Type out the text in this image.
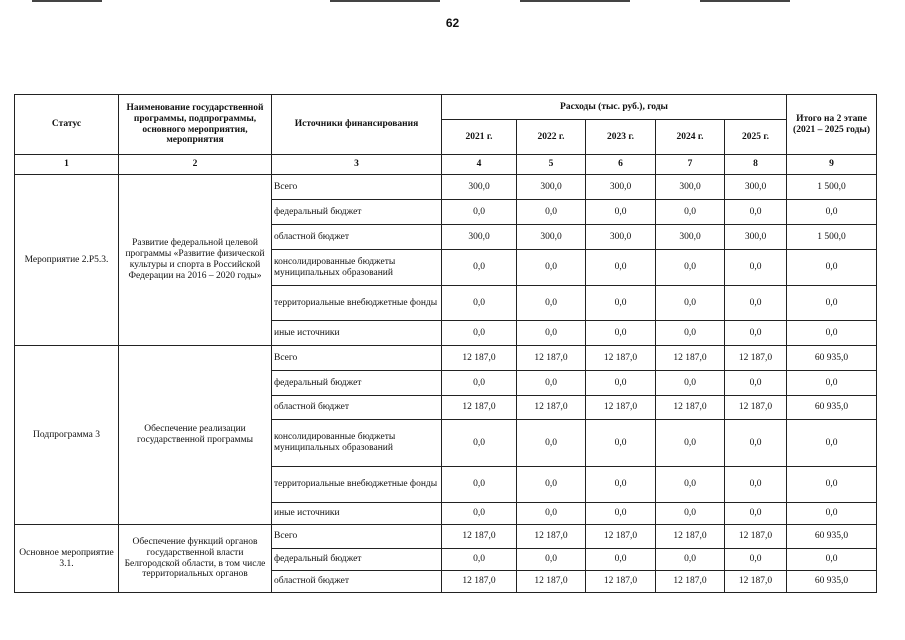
62
Статус	Наименование государственной программы, подпрограммы, основного мероприятия, мероприятия	Источники финансирования	Расходы (тыс. руб.), годы					Итого на 2 этапе (2021 – 2025 годы)
			2021 г.	2022 г.	2023 г.	2024 г.	2025 г.	
1	2	3	4	5	6	7	8	9
Мероприятие 2.Р5.3.	Развитие федеральной целевой программы «Развитие физической культуры и спорта в Российской Федерации на 2016 – 2020 годы»	Всего	300,0	300,0	300,0	300,0	300,0	1 500,0
		федеральный бюджет	0,0	0,0	0,0	0,0	0,0	0,0
		областной бюджет	300,0	300,0	300,0	300,0	300,0	1 500,0
		консолидированные бюджеты муниципальных образований	0,0	0,0	0,0	0,0	0,0	0,0
		территориальные внебюджетные фонды	0,0	0,0	0,0	0,0	0,0	0,0
		иные источники	0,0	0,0	0,0	0,0	0,0	0,0
Подпрограмма 3	Обеспечение реализации государственной программы	Всего	12 187,0	12 187,0	12 187,0	12 187,0	12 187,0	60 935,0
		федеральный бюджет	0,0	0,0	0,0	0,0	0,0	0,0
		областной бюджет	12 187,0	12 187,0	12 187,0	12 187,0	12 187,0	60 935,0
		консолидированные бюджеты муниципальных образований	0,0	0,0	0,0	0,0	0,0	0,0
		территориальные внебюджетные фонды	0,0	0,0	0,0	0,0	0,0	0,0
		иные источники	0,0	0,0	0,0	0,0	0,0	0,0
Основное мероприятие 3.1.	Обеспечение функций органов государственной власти Белгородской области, в том числе территориальных органов	Всего	12 187,0	12 187,0	12 187,0	12 187,0	12 187,0	60 935,0
		федеральный бюджет	0,0	0,0	0,0	0,0	0,0	0,0
		областной бюджет	12 187,0	12 187,0	12 187,0	12 187,0	12 187,0	60 935,0
